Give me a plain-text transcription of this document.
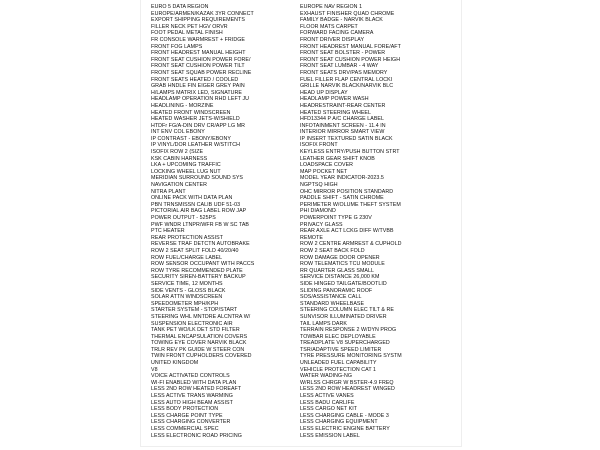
EURO 5 DATA REGION
EUROPE/ARMEN/KAZAK 3YR CONNECT
EXPORT SHIPPING REQUIREMENTS
FILLER NECK PET HGV ORVR
FOOT PEDAL METAL FINISH
FR CONSOLE WARMREST + FRIDGE
FRONT FOG LAMPS
FRONT HEADREST MANUAL HEIGHT
FRONT SEAT CUSHION POWER FORE/
FRONT SEAT CUSHION POWER TILT
FRONT SEAT SQUAB POWER RECLINE
FRONT SEATS HEATED / COOLED
GRAB HNDLE FIN EIGER GREY PAIN
H/LAMPS MATRIX LED, SIGNATURE
HEADLAMP OPERATION RHD LEFT JU
HEADLINING - MORZINE
HEATED FRONT WINDSCREEN
HEATED WASHER JETS-W/SHIELD
HTDFr FG/A-DIN DRV CR/APP LG MR
INT ENV COL EBONY
IP CONTRAST - EBONY/EBONY
IP VINYL/DOR LEATHER W/STITCH
ISOFIX ROW 2 (SIZE
KSK CABIN HARNESS
LKA + UPCOMING TRAFFIC
LOCKING WHEEL LUG NUT
MERIDIAN SURROUND SOUND SYS
NAVIGATION CENTER
NITRA PLANT
ONLINE PACK WITH DATA PLAN
PBN TRNSMISSN CALIB UDF 51-03
PICTORIAL AIR BAG LABEL ROW JAP
POWER OUTPUT - 525PS
PWF WNDR LTNPR/WFR FB W SC TAB
PTC HEATER
REAR PROTECTION ASSIST
REVERSE TRAF DETCTN AUTOBRAKE
ROW 2 SEAT SPLIT FOLD 40/20/40
ROW FUEL/CHARGE LABEL
ROW SENSOR OCCUPANT WITH PACCS
ROW TYRE RECOMMENDED PLATE
SECURITY SIREN-BATTERY BACKUP
SERVICE TIME, 12 MONTHS
SIDE VENTS - GLOSS BLACK
SOLAR ATTN WINDSCREEN
SPEEDOMETER MPH/KPH
STARTER SYSTEM - STOP/START
STEERING WHL MNTDRE ALCNTRA W/
SUSPENSION ELECTRONIC AIR
TANK PET WO/LK DET STD FILTER
THERMAL ENCAPSULATION COVERS
TOWING EYE COVER NARVIK BLACK
TRLR REV PK GUIDE W STEER CON
TWIN FRONT CUPHOLDERS COVERED
UNITED KINGDOM
V8
VOICE ACTIVATED CONTROLS
WI-FI ENABLED WITH DATA PLAN
LESS 2ND ROW HEATED FOREAFT
LESS ACTIVE TRANS WARMING
LESS AUTO HIGH BEAM ASSIST
LESS BODY PROTECTION
LESS CHARGE POINT TYPE
LESS CHARGING CONVERTER
LESS COMMERCIAL SPEC
LESS ELECTRONIC ROAD PRICING
EUROPE NAV REGION 1
EXHAUST FINISHER QUAD CHROME
FAMILY BADGE - NARVIK BLACK
FLOOR MATS CARPET
FORWARD FACING CAMERA
FRONT DRIVER DISPLAY
FRONT HEADREST MANUAL FORE/AFT
FRONT SEAT BOLSTER - POWER
FRONT SEAT CUSHION POWER HEIGH
FRONT SEAT LUMBAR - 4 WAY
FRONT SEATS DRV/PAS MEMORY
FUEL FILLER FLAP CENTRAL LOCKI
GRILLE NARVIK BLACK/NARVIK BLC
HEAD UP DISPLAY
HEADLAMP POWER WASH
HEADRESTRAINT-REAR CENTER
HEATED STEERING WHEEL
HFD13344 P A/C CHARGE LABEL
INFOTAINMENT SCREEN - 11.4 IN
INTERIOR MIRROR SMART VIEW
IP INSERT TEXTURED SATIN BLACK
ISOFIX FRONT
KEYLESS ENTRY/PUSH BUTTON STRT
LEATHER GEAR SHIFT KNOB
LOADSPACE COVER
MAP POCKET NET
MODEL YEAR INDICATOR-2023.5
NGPTSQ HIGH
OHC MIRROR POSITION STANDARD
PADDLE SHIFT - SATIN CHROME
PERIMETER W/OLUME THEFT SYSTEM
PHI DIAMOND
POWERPOINT TYPE G 230V
PRIVACY GLASS
REAR AXLE ACT LCKG DIFF W/TVBB
REMOTE
ROW 2 CENTRE ARMREST & CUPHOLD
ROW 2 SEAT BACK FOLD
ROW DAMAGE DOOR OPENER
ROW TELEMATICS TCU MODULE
RR QUARTER GLASS SMALL
SERVICE DISTANCE 26,000 KM
SIDE HINGED TAILGATE/BOOTLID
SLIDING PANORAMIC ROOF
SOS/ASSISTANCE CALL
STANDARD WHEELBASE
STEERING COLUMN ELEC TILT & RE
SUNVISOR ILLUMINATED DRIVER
TAIL LAMPS DARK
TERRAIN RESPONSE 2 W/DYN PROG
TOWBAR ELEC DEPLOYABLE
TREADPLATE V8 SUPERCHARGED
TSR/ADAPTIVE SPEED LIMITER
TYRE PRESSURE MONITORING SYSTM
UNLEADED FUEL CAPABILITY
VEHICLE PROTECTION CAT 1
WATER WADING-NG
W/RLSS CHRGR W BSTER-4.9 FREQ
LESS 2ND ROW HEADREST WINGED
LESS ACTIVE VANES
LESS BADU CARLIFE
LESS CARGO NET KIT
LESS CHARGING CABLE - MODE 3
LESS CHARGING EQUIPMENT
LESS ELECTRIC ENGINE BATTERY
LESS EMISSION LABEL
